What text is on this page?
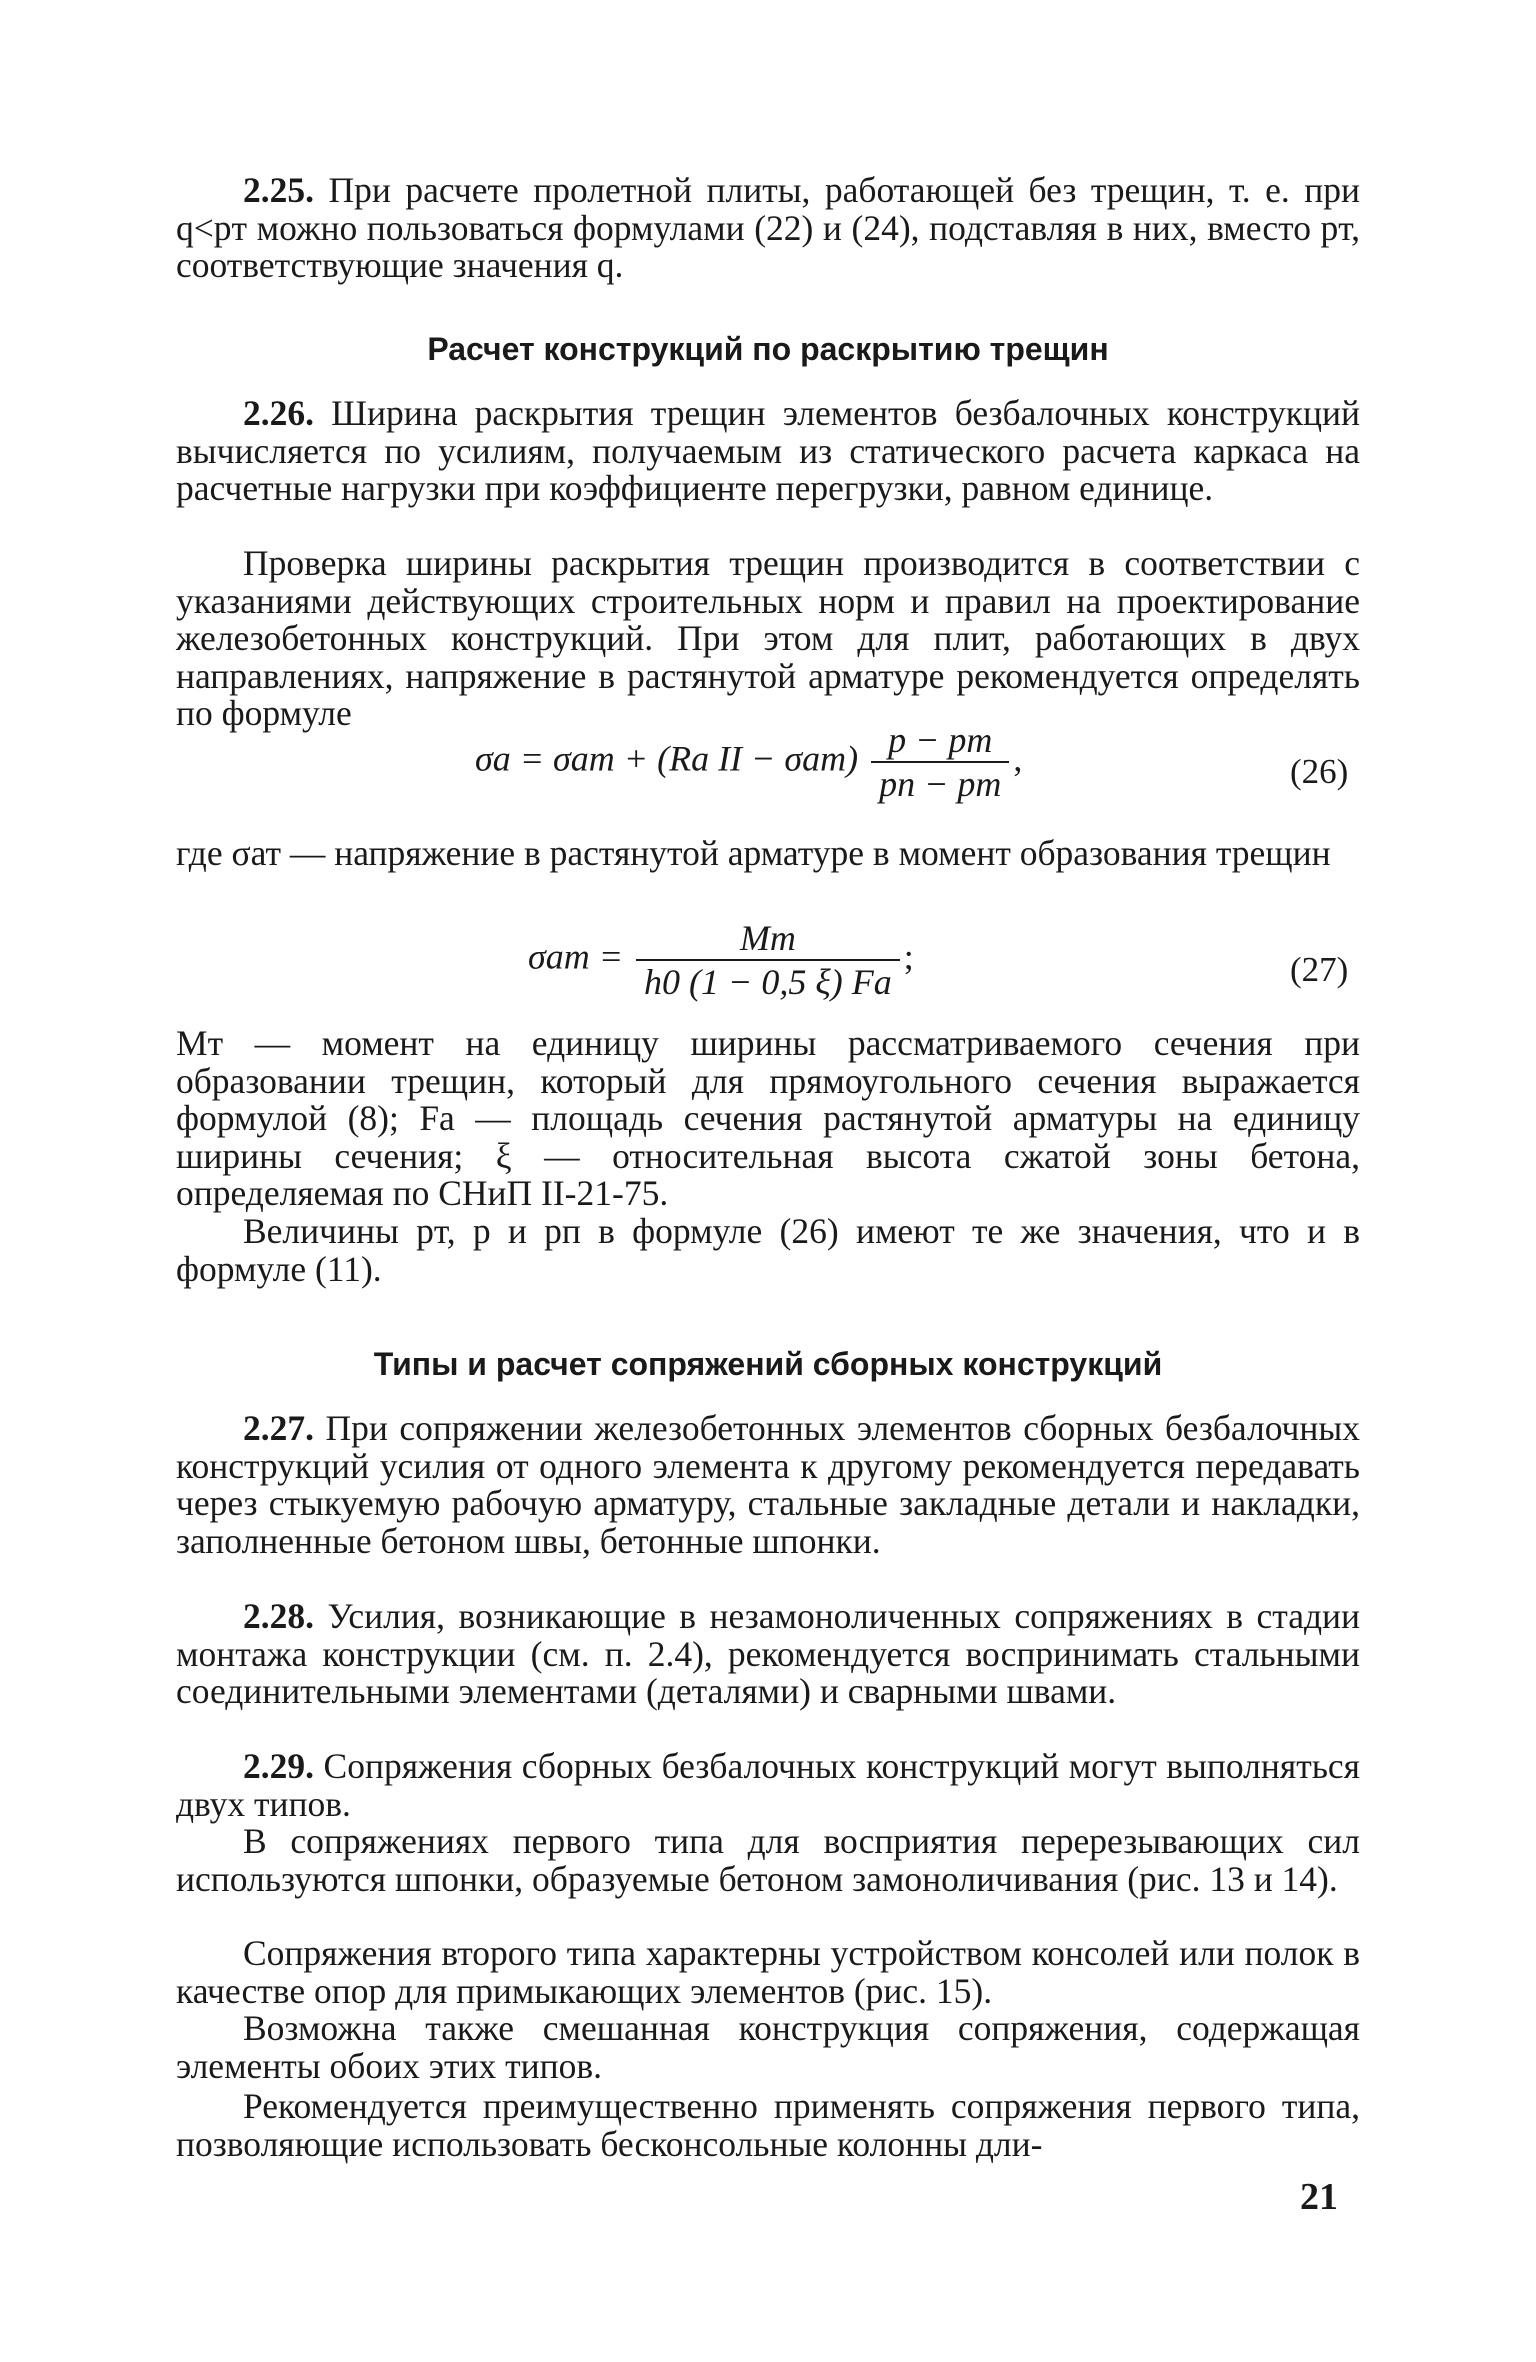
2.25. При расчете пролетной плиты, работающей без трещин, т. е. при q<pт можно пользоваться формулами (22) и (24), подставляя в них, вместо pт, соответствующие значения q.

Расчет конструкций по раскрытию трещин

2.26. Ширина раскрытия трещин элементов безбалочных конструкций вычисляется по усилиям, получаемым из статического расчета каркаса на расчетные нагрузки при коэффициенте перегрузки, равном единице.

Проверка ширины раскрытия трещин производится в соответствии с указаниями действующих строительных норм и правил на проектирование железобетонных конструкций. При этом для плит, работающих в двух направлениях, напряжение в растянутой арматуре рекомендуется определять по формуле

σа = σат + (Rа II − $\sigma ат) \frac{p - pт}{pп - pт}$ ,	(26)

где σат — напряжение в растянутой арматуре в момент образования трещин

$\sigma ат = \frac{Mт}{h0 (1 - 0,5 \xi) Fа}$ ;	(27)

Mт — момент на единицу ширины рассматриваемого сечения при образовании трещин, который для прямоугольного сечения выражается формулой (8); Fа — площадь сечения растянутой арматуры на единицу ширины сечения; ξ — относительная высота сжатой зоны бетона, определяемая по СНиП II-21-75.

Величины pт, p и pп в формуле (26) имеют те же значения, что и в формуле (11).

Типы и расчет сопряжений сборных конструкций

2.27. При сопряжении железобетонных элементов сборных безбалочных конструкций усилия от одного элемента к другому рекомендуется передавать через стыкуемую рабочую арматуру, стальные закладные детали и накладки, заполненные бетоном швы, бетонные шпонки.

2.28. Усилия, возникающие в незамоноличенных сопряжениях в стадии монтажа конструкции (см. п. 2.4), рекомендуется воспринимать стальными соединительными элементами (деталями) и сварными швами.

2.29. Сопряжения сборных безбалочных конструкций могут выполняться двух типов.

В сопряжениях первого типа для восприятия перерезывающих сил используются шпонки, образуемые бетоном замоноличивания (рис. 13 и 14).

Сопряжения второго типа характерны устройством консолей или полок в качестве опор для примыкающих элементов (рис. 15).

Возможна также смешанная конструкция сопряжения, содержащая элементы обоих этих типов.

Рекомендуется преимущественно применять сопряжения первого типа, позволяющие использовать бесконсольные колонны дли-

21
